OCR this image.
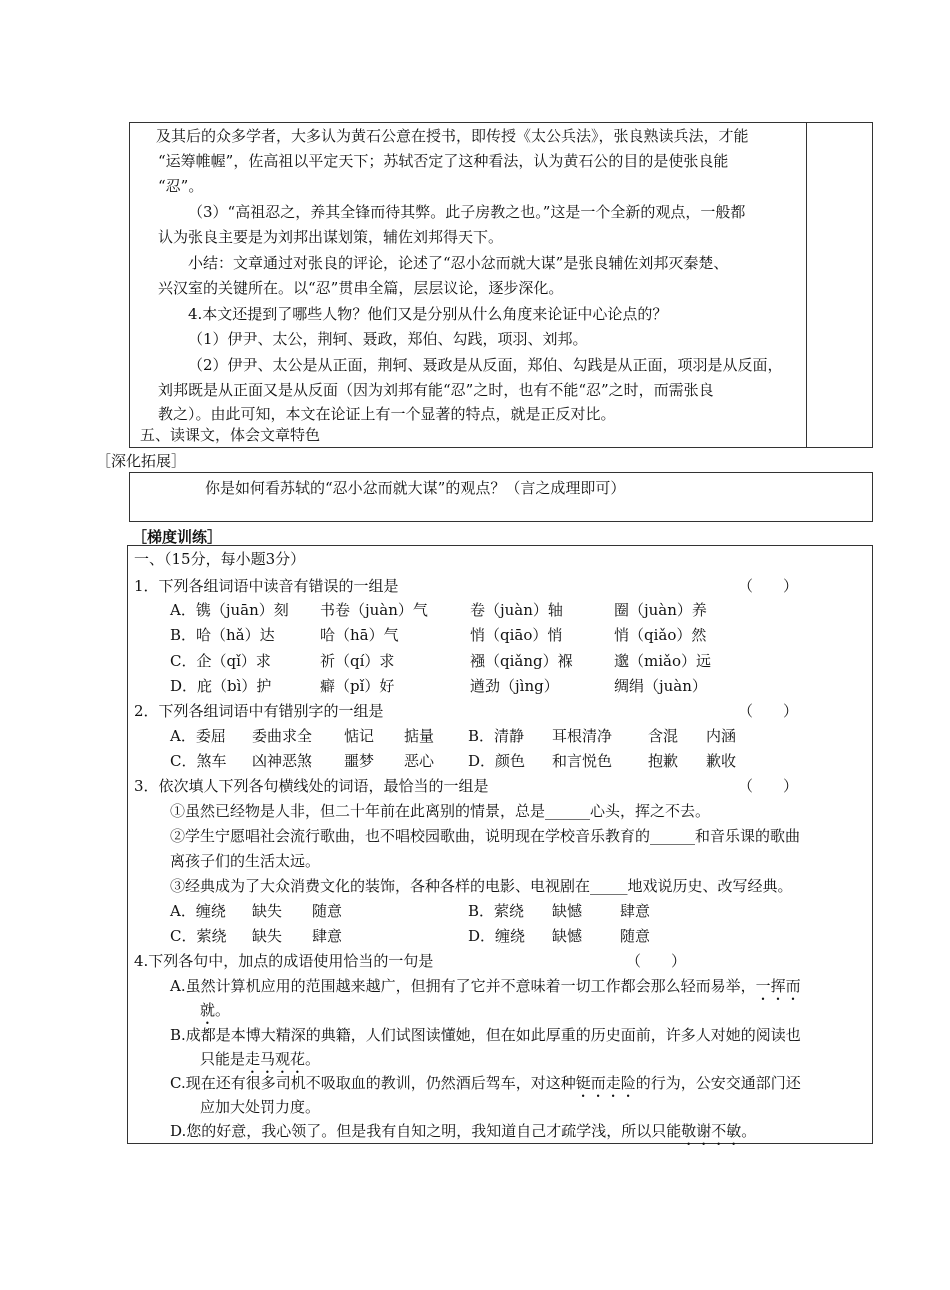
及其后的众多学者，大多认为黄石公意在授书，即传授《太公兵法》，张良熟读兵法，才能
“运筹帷幄”，佐高祖以平定天下；苏轼否定了这种看法，认为黄石公的目的是使张良能
“忍”。
（3）“高祖忍之，养其全锋而待其弊。此子房教之也。”这是一个全新的观点，一般都
认为张良主要是为刘邦出谋划策，辅佐刘邦得天下。
小结：文章通过对张良的评论，论述了“忍小忿而就大谋”是张良辅佐刘邦灭秦楚、
兴汉室的关键所在。以“忍”贯串全篇，层层议论，逐步深化。
4.本文还提到了哪些人物？他们又是分别从什么角度来论证中心论点的？
（1）伊尹、太公，荆轲、聂政，郑伯、勾践，项羽、刘邦。
（2）伊尹、太公是从正面，荆轲、聂政是从反面，郑伯、勾践是从正面，项羽是从反面，
刘邦既是从正面又是从反面（因为刘邦有能“忍”之时，也有不能“忍”之时，而需张良
教之）。由此可知，本文在论证上有一个显著的特点，就是正反对比。
五、读课文，体会文章特色
［深化拓展］
你是如何看苏轼的“忍小忿而就大谋”的观点？（言之成理即可）
［梯度训练］
一、（15分，每小题3分）
1．下列各组词语中读音有错误的一组是	（　　）
A．镌（juān）刻 书卷（juàn）气	卷（juàn）轴	圈（juàn）养
B．哈（hǎ）达	哈（hā）气	悄（qiāo）悄	悄（qiǎo）然
C．企（qǐ）求	祈（qí）求	襁（qiǎng）褓	邈（miǎo）远
D．庇（bì）护	癖（pǐ）好	遒劲（jìng）	绸绢（juàn）
2．下列各组词语中有错别字的一组是	（　　）
A．委屈 委曲求全 惦记 掂量 B．清静 耳根清净 含混 内涵
C．煞车 凶神恶煞 噩梦 恶心 D．颜色 和言悦色 抱歉 歉收
3．依次填人下列各句横线处的词语，最恰当的一组是	（　　）
①虽然已经物是人非，但二十年前在此离别的情景，总是______心头，挥之不去。
②学生宁愿唱社会流行歌曲，也不唱校园歌曲，说明现在学校音乐教育的______和音乐课的歌曲
离孩子们的生活太远。
③经典成为了大众消费文化的装饰，各种各样的电影、电视剧在_____地戏说历史、改写经典。
A．缠绕 缺失 随意	B．萦绕 缺憾	肆意
C．萦绕 缺失 肆意	D．缠绕 缺憾	随意
4.下列各句中，加点的成语使用恰当的一句是	（　　）
A.虽然计算机应用的范围越来越广，但拥有了它并不意味着一切工作都会那么轻而易举，一挥而
就。
B.成都是本博大精深的典籍，人们试图读懂她，但在如此厚重的历史面前，许多人对她的阅读也
只能是走马观花。
C.现在还有很多司机不吸取血的教训，仍然酒后驾车，对这种铤而走险的行为，公安交通部门还
应加大处罚力度。
D.您的好意，我心领了。但是我有自知之明，我知道自己才疏学浅，所以只能敬谢不敏。
